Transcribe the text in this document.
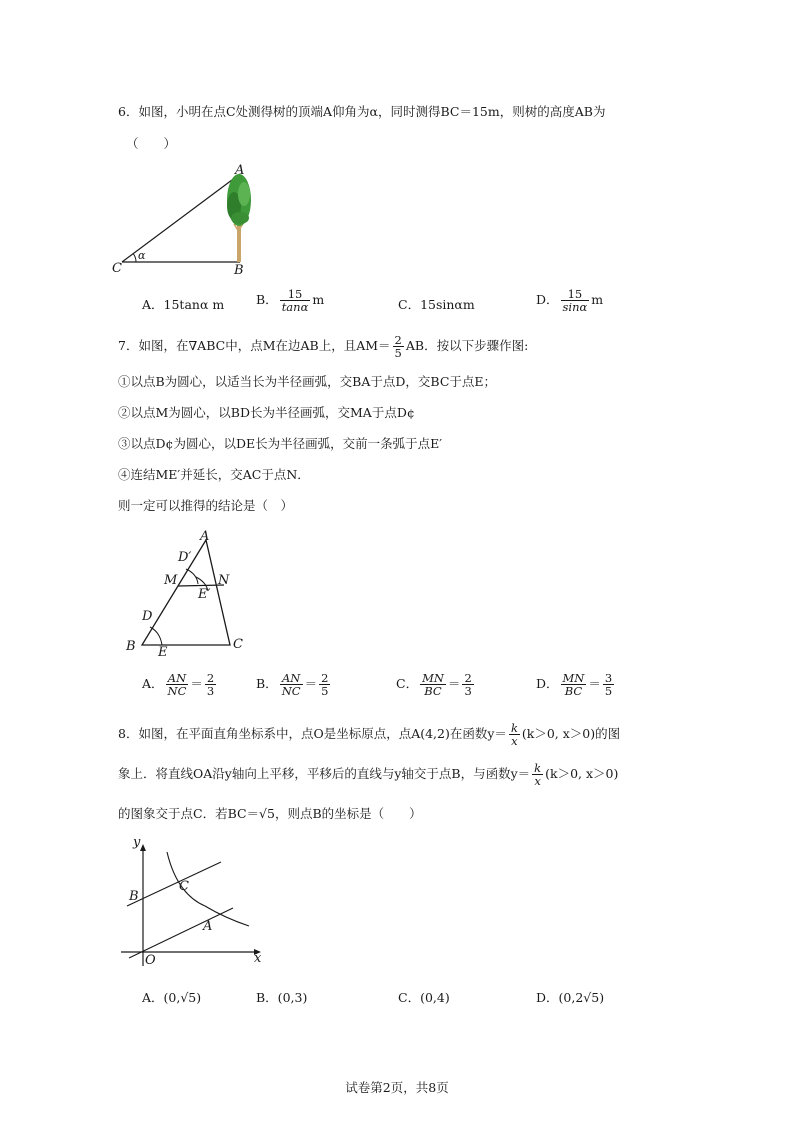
6．如图，小明在点C处测得树的顶端A仰角为α，同时测得BC＝15m，则树的高度AB为
（　　）
A
B
C
α
A．15tanα m	B． $\frac{15}{\tan\alpha}$ m	C．15sinαm	D． $\frac{15}{\sin\alpha}$ m
7．如图，在∇ABC中，点M在边AB上，且$AM= \frac{2}{5}$ AB．按以下步骤作图:
①以点B为圆心，以适当长为半径画弧，交BA于点D，交BC于点E；
②以点M为圆心，以BD长为半径画弧，交MA于点D¢
③以点D¢为圆心，以DE长为半径画弧，交前一条弧于点E′
④连结ME′并延长，交AC于点N．
则一定可以推得的结论是（　）
A
B	C
D
E
M	N
D′
E′
A． $\frac{AN}{NC} = \frac{2}{3}$	B． $\frac{AN}{NC} = \frac{2}{5}$	C． $\frac{MN}{BC} = \frac{2}{3}$	D． $\frac{MN}{BC} = \frac{3}{5}$
8．如图，在平面直角坐标系中，点O是坐标原点，点A(4,2)在函数$y= \frac{k}{x} (k>0$, x＞0)的图
象上．将直线OA沿y轴向上平移，平移后的直线与y轴交于点B，与函数$y= \frac{k}{x} (k>0$, x＞0)
的图象交于点C．若BC＝√5，则点B的坐标是（　　）
y
x
O
A
B
C
A．(0,√5)	B．(0,3)	C．(0,4)	D．(0,2√5)
试卷第2页，共8页
